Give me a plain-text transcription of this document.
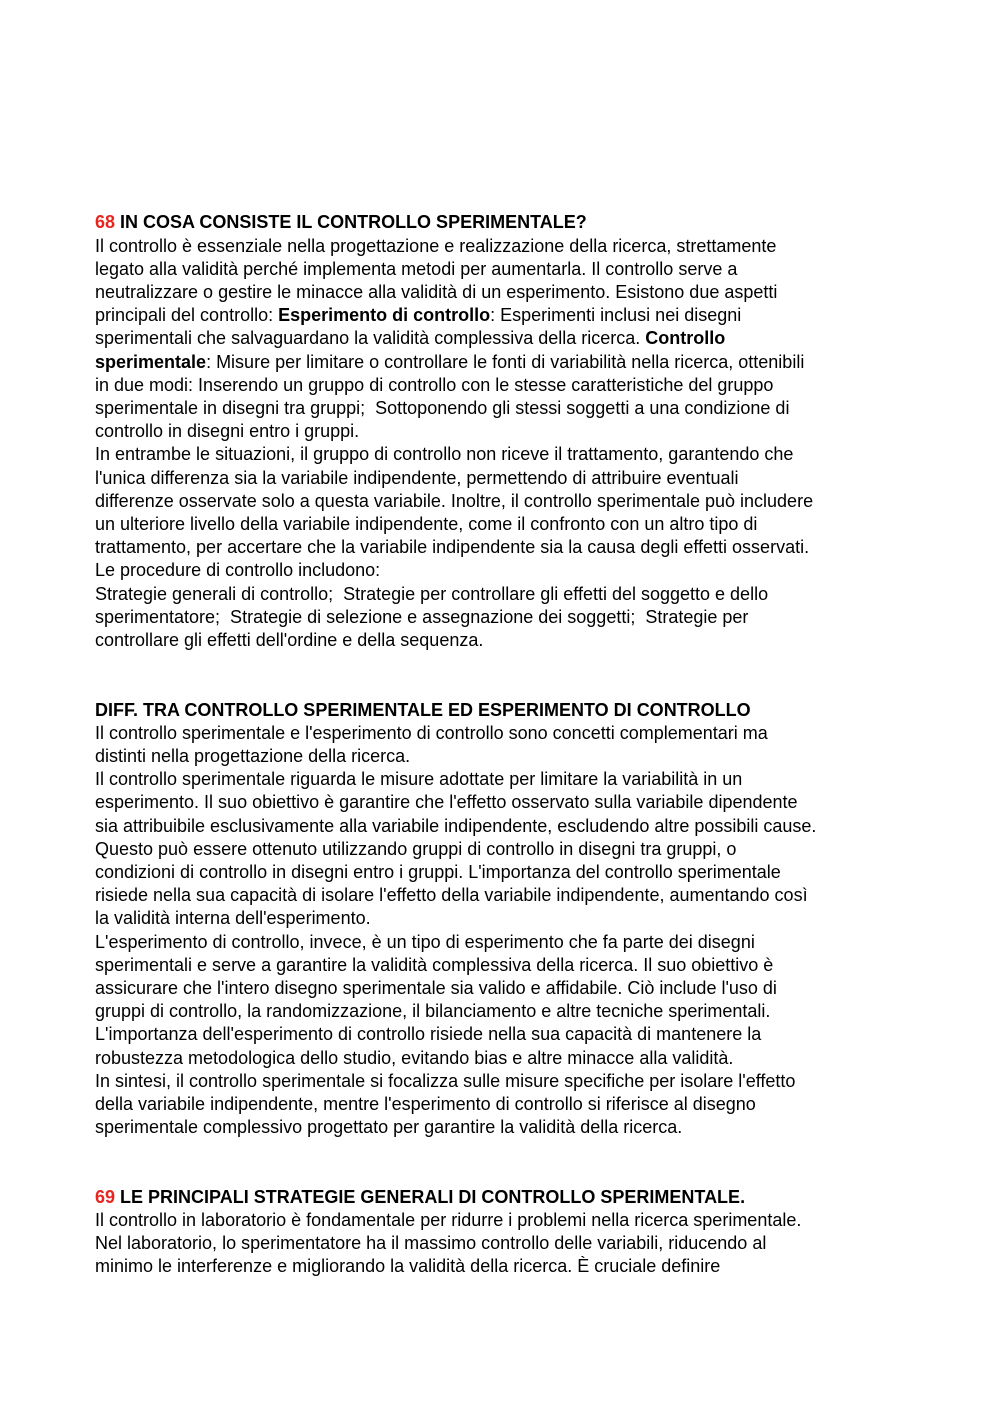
68 IN COSA CONSISTE IL CONTROLLO SPERIMENTALE?
Il controllo è essenziale nella progettazione e realizzazione della ricerca, strettamente
legato alla validità perché implementa metodi per aumentarla. Il controllo serve a
neutralizzare o gestire le minacce alla validità di un esperimento. Esistono due aspetti
principali del controllo: Esperimento di controllo: Esperimenti inclusi nei disegni
sperimentali che salvaguardano la validità complessiva della ricerca. Controllo
sperimentale: Misure per limitare o controllare le fonti di variabilità nella ricerca, ottenibili
in due modi: Inserendo un gruppo di controllo con le stesse caratteristiche del gruppo
sperimentale in disegni tra gruppi;  Sottoponendo gli stessi soggetti a una condizione di
controllo in disegni entro i gruppi.
In entrambe le situazioni, il gruppo di controllo non riceve il trattamento, garantendo che
l'unica differenza sia la variabile indipendente, permettendo di attribuire eventuali
differenze osservate solo a questa variabile. Inoltre, il controllo sperimentale può includere
un ulteriore livello della variabile indipendente, come il confronto con un altro tipo di
trattamento, per accertare che la variabile indipendente sia la causa degli effetti osservati.
Le procedure di controllo includono:
Strategie generali di controllo;  Strategie per controllare gli effetti del soggetto e dello
sperimentatore;  Strategie di selezione e assegnazione dei soggetti;  Strategie per
controllare gli effetti dell'ordine e della sequenza.
DIFF. TRA CONTROLLO SPERIMENTALE ED ESPERIMENTO DI CONTROLLO
Il controllo sperimentale e l'esperimento di controllo sono concetti complementari ma
distinti nella progettazione della ricerca.
Il controllo sperimentale riguarda le misure adottate per limitare la variabilità in un
esperimento. Il suo obiettivo è garantire che l'effetto osservato sulla variabile dipendente
sia attribuibile esclusivamente alla variabile indipendente, escludendo altre possibili cause.
Questo può essere ottenuto utilizzando gruppi di controllo in disegni tra gruppi, o
condizioni di controllo in disegni entro i gruppi. L'importanza del controllo sperimentale
risiede nella sua capacità di isolare l'effetto della variabile indipendente, aumentando così
la validità interna dell'esperimento.
L'esperimento di controllo, invece, è un tipo di esperimento che fa parte dei disegni
sperimentali e serve a garantire la validità complessiva della ricerca. Il suo obiettivo è
assicurare che l'intero disegno sperimentale sia valido e affidabile. Ciò include l'uso di
gruppi di controllo, la randomizzazione, il bilanciamento e altre tecniche sperimentali.
L'importanza dell'esperimento di controllo risiede nella sua capacità di mantenere la
robustezza metodologica dello studio, evitando bias e altre minacce alla validità.
In sintesi, il controllo sperimentale si focalizza sulle misure specifiche per isolare l'effetto
della variabile indipendente, mentre l'esperimento di controllo si riferisce al disegno
sperimentale complessivo progettato per garantire la validità della ricerca.
69 LE PRINCIPALI STRATEGIE GENERALI DI CONTROLLO SPERIMENTALE.
Il controllo in laboratorio è fondamentale per ridurre i problemi nella ricerca sperimentale.
Nel laboratorio, lo sperimentatore ha il massimo controllo delle variabili, riducendo al
minimo le interferenze e migliorando la validità della ricerca. È cruciale definire
